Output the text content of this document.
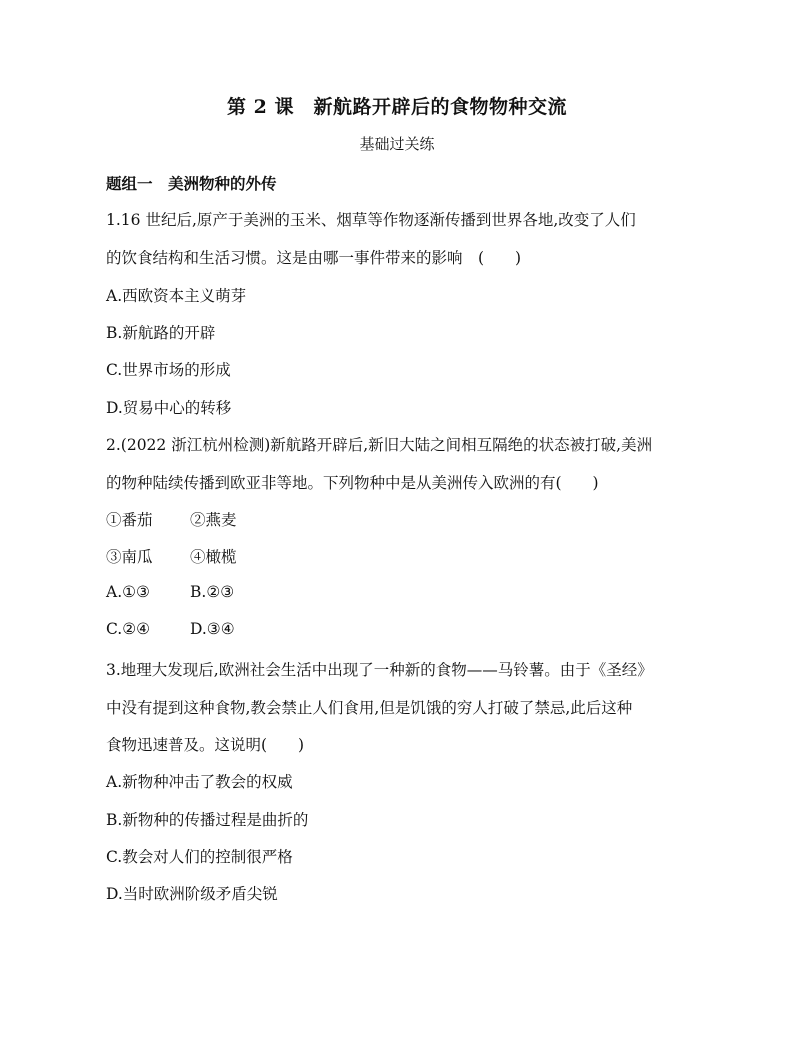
第 2 课　新航路开辟后的食物物种交流
基础过关练
题组一　美洲物种的外传
1.16 世纪后,原产于美洲的玉米、烟草等作物逐渐传播到世界各地,改变了人们
的饮食结构和生活习惯。这是由哪一事件带来的影响　(　　)
A.西欧资本主义萌芽
B.新航路的开辟
C.世界市场的形成
D.贸易中心的转移
2.(2022 浙江杭州检测)新航路开辟后,新旧大陆之间相互隔绝的状态被打破,美洲
的物种陆续传播到欧亚非等地。下列物种中是从美洲传入欧洲的有(　　)
①番茄 ②燕麦
③南瓜 ④橄榄
A.①③	B.②③
C.②④	D.③④
3.地理大发现后,欧洲社会生活中出现了一种新的食物——马铃薯。由于《圣经》
中没有提到这种食物,教会禁止人们食用,但是饥饿的穷人打破了禁忌,此后这种
食物迅速普及。这说明(　　)
A.新物种冲击了教会的权威
B.新物种的传播过程是曲折的
C.教会对人们的控制很严格
D.当时欧洲阶级矛盾尖锐
